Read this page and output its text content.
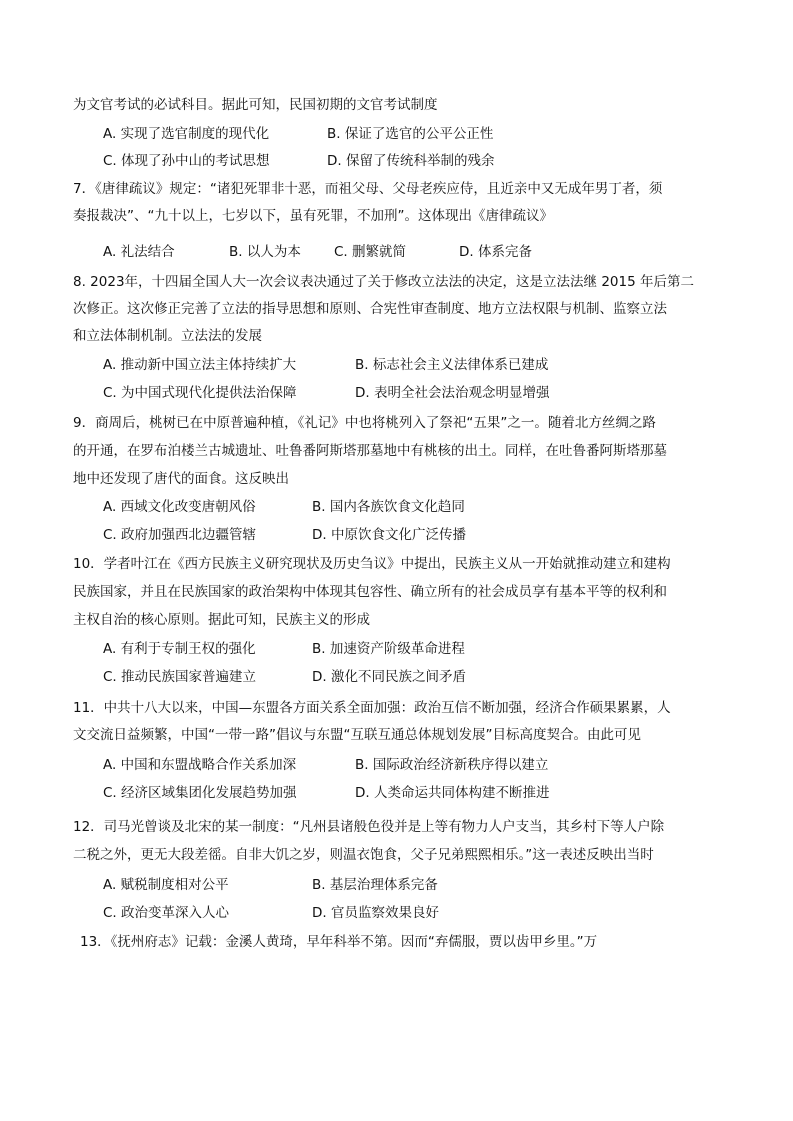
为文官考试的必试科目。据此可知，民国初期的文官考试制度
A. 实现了选官制度的现代化	B. 保证了选官的公平公正性
C. 体现了孙中山的考试思想	D. 保留了传统科举制的残余
7．《唐律疏议》规定：“诸犯死罪非十恶，而祖父母、父母老疾应侍，且近亲中又无成年男丁者，须
奏报裁决”、“九十以上，七岁以下，虽有死罪，不加刑”。这体现出《唐律疏议》
A. 礼法结合	B. 以人为本 C. 删繁就简	D. 体系完备
8. 2023年，十四届全国人大一次会议表决通过了关于修改立法法的决定，这是立法法继 2015 年后第二
次修正。这次修正完善了立法的指导思想和原则、合宪性审查制度、地方立法权限与机制、监察立法
和立法体制机制。立法法的发展
A. 推动新中国立法主体持续扩大	B. 标志社会主义法律体系已建成
C. 为中国式现代化提供法治保障	D. 表明全社会法治观念明显增强
9．商周后，桃树已在中原普遍种植，《礼记》中也将桃列入了祭祀“五果”之一。随着北方丝绸之路
的开通，在罗布泊楼兰古城遗址、吐鲁番阿斯塔那墓地中有桃核的出土。同样，在吐鲁番阿斯塔那墓
地中还发现了唐代的面食。这反映出
A. 西域文化改变唐朝风俗	B. 国内各族饮食文化趋同
C. 政府加强西北边疆管辖	D. 中原饮食文化广泛传播
10．学者叶江在《西方民族主义研究现状及历史刍议》中提出，民族主义从一开始就推动建立和建构
民族国家，并且在民族国家的政治架构中体现其包容性、确立所有的社会成员享有基本平等的权利和
主权自治的核心原则。据此可知，民族主义的形成
A. 有利于专制王权的强化	B. 加速资产阶级革命进程
C. 推动民族国家普遍建立	D. 激化不同民族之间矛盾
11．中共十八大以来，中国—东盟各方面关系全面加强：政治互信不断加强，经济合作硕果累累，人
文交流日益频繁，中国“一带一路”倡议与东盟“互联互通总体规划发展”目标高度契合。由此可见
A. 中国和东盟战略合作关系加深	B. 国际政治经济新秩序得以建立
C. 经济区域集团化发展趋势加强	D. 人类命运共同体构建不断推进
12．司马光曾谈及北宋的某一制度：“凡州县诸般色役并是上等有物力人户支当，其乡村下等人户除
二税之外，更无大段差徭。自非大饥之岁，则温衣饱食，父子兄弟熙熙相乐。”这一表述反映出当时
A. 赋税制度相对公平	B. 基层治理体系完备
C. 政治变革深入人心	D. 官员监察效果良好
13．《抚州府志》记载：金溪人黄琦，早年科举不第。因而“弃儒服，贾以齿甲乡里。”万
